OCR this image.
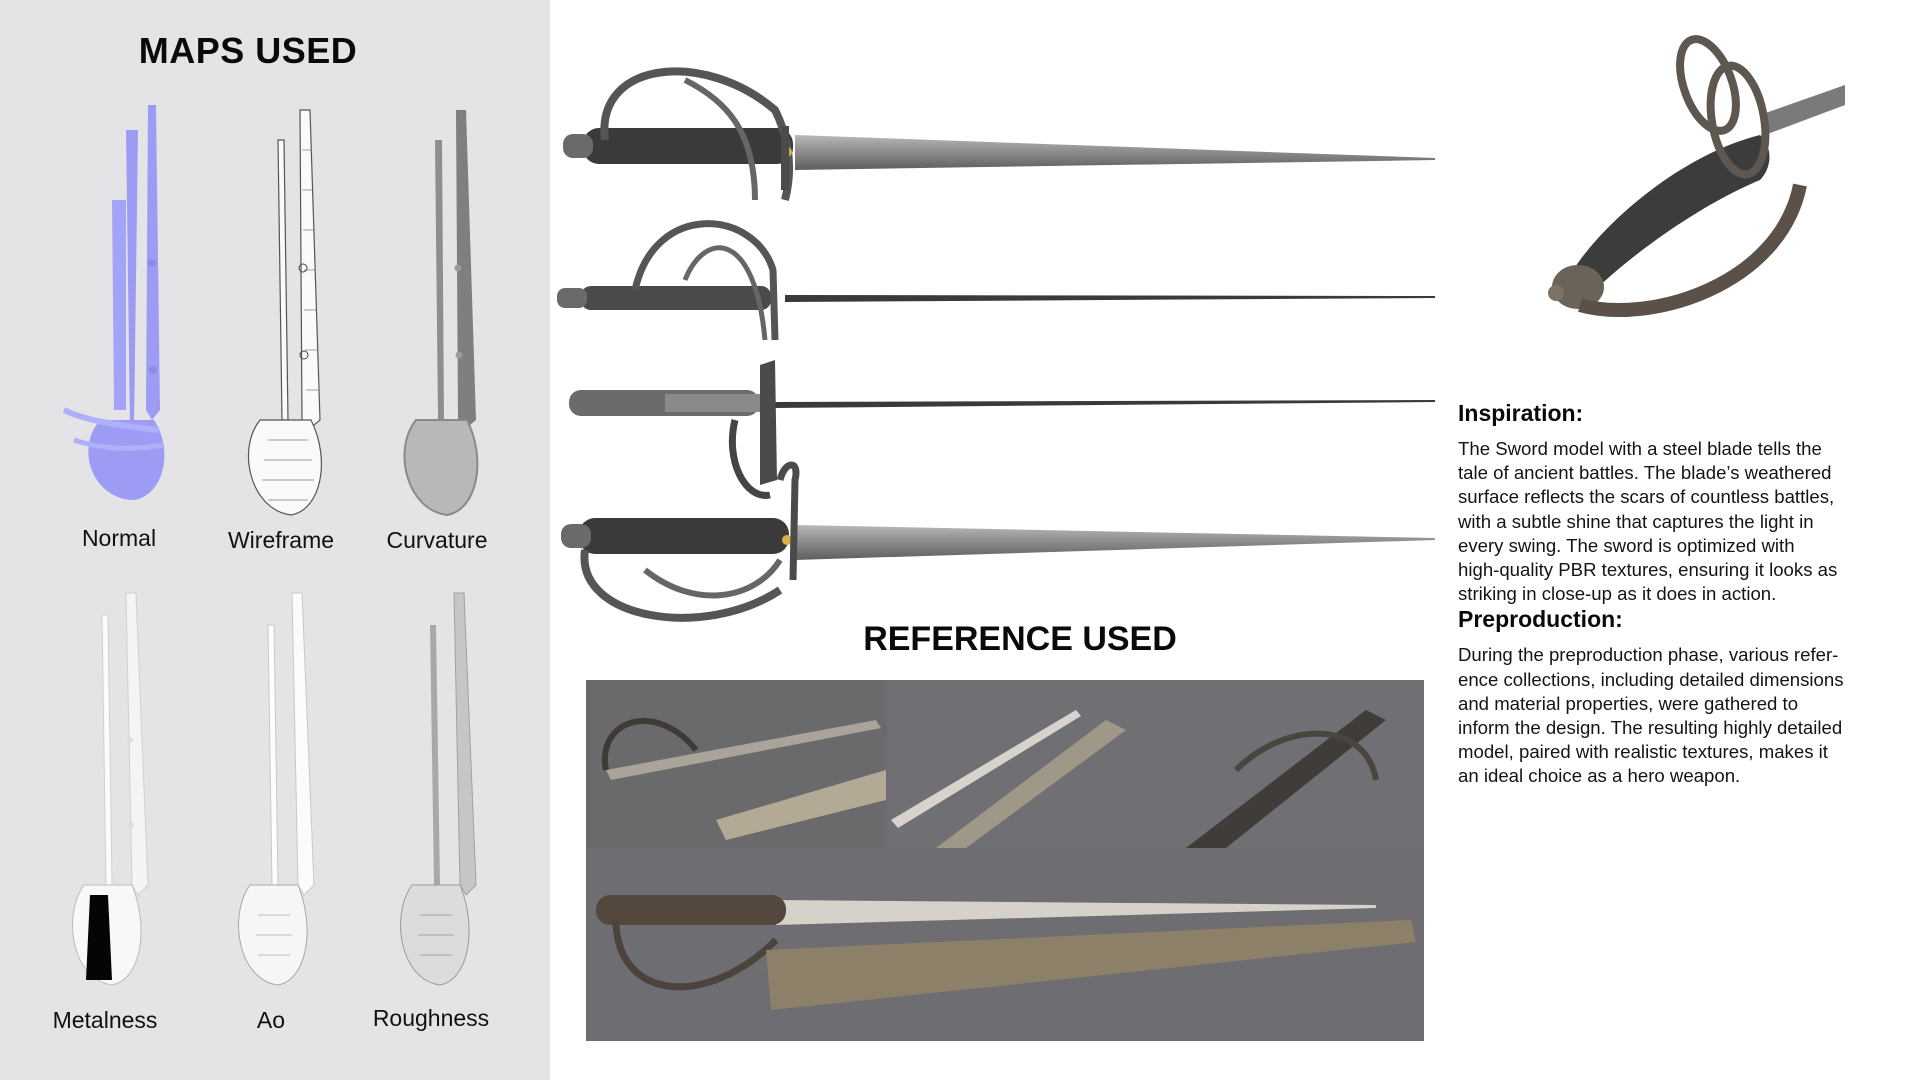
MAPS USED
Normal	Wireframe	Curvature
Metalness	Ao	Roughness
REFERENCE USED
Inspiration:

The Sword model with a steel blade tells the
tale of ancient battles. The blade’s weathered
surface reflects the scars of countless battles,
with a subtle shine that captures the light in
every swing. The sword is optimized with
high-quality PBR textures, ensuring it looks as
striking in close-up as it does in action.

Preproduction:

During the preproduction phase, various refer-
ence collections, including detailed dimensions
and material properties, were gathered to
inform the design. The resulting highly detailed
model, paired with realistic textures, makes it
an ideal choice as a hero weapon.
